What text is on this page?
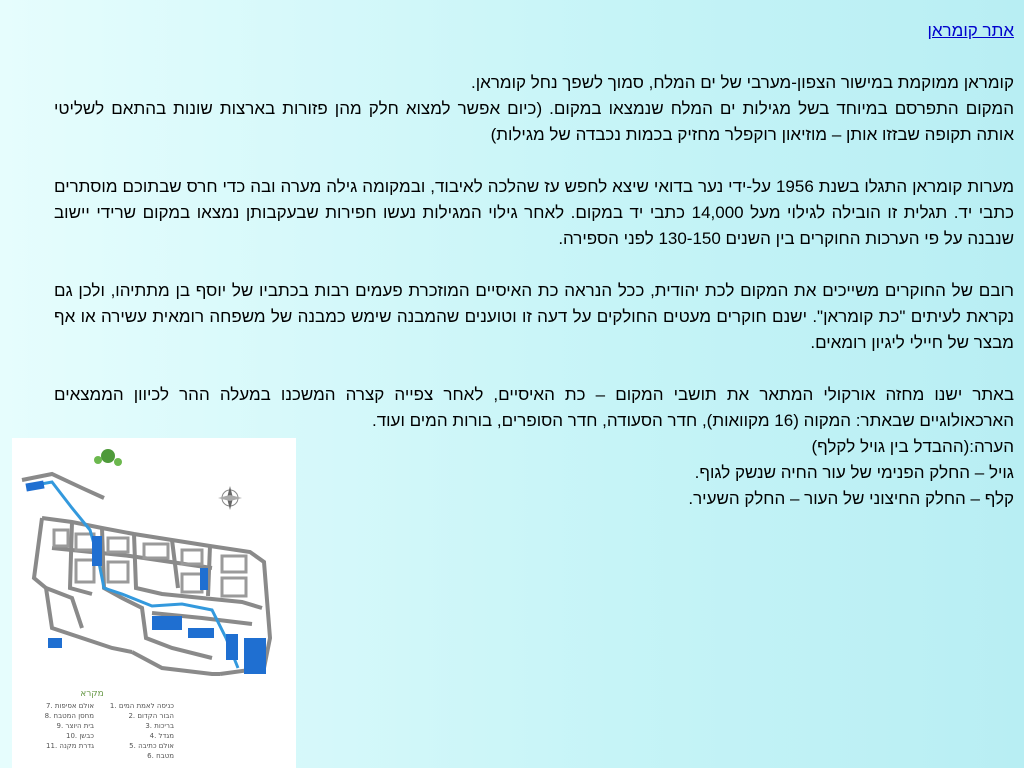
מקרא
1. כניסה לאמת המים
2. הבור הקדום
3. בריכות
4. מגדל
5. אולם כתיבה
6. מטבח
7. אולם אסיפות
8. מחסן המטבח
9. בית היוצר
10. כבשן
11. גדרת מקנה
אתר קומראן
קומראן ממוקמת במישור הצפון-מערבי של ים המלח, סמוך לשפך נחל קומראן.
המקום התפרסם במיוחד בשל מגילות ים המלח שנמצאו במקום. (כיום אפשר למצוא חלק מהן פזורות בארצות שונות בהתאם לשליטי אותה תקופה שבזזו אותן – מוזיאון רוקפלר מחזיק בכמות נכבדה של מגילות)
מערות קומראן התגלו בשנת 1956 על-ידי נער בדואי שיצא לחפש עז שהלכה לאיבוד, ובמקומה גילה מערה ובה כדי חרס שבתוכם מוסתרים כתבי יד. תגלית זו הובילה לגילוי מעל 14,000 כתבי יד במקום. לאחר גילוי המגילות נעשו חפירות שבעקבותן נמצאו במקום שרידי יישוב שנבנה על פי הערכות החוקרים בין השנים 130-150 לפני הספירה.
רובם של החוקרים משייכים את המקום לכת יהודית, ככל הנראה כת האיסיים המוזכרת פעמים רבות בכתביו של יוסף בן מתתיהו, ולכן גם נקראת לעיתים "כת קומראן". ישנם חוקרים מעטים החולקים על דעה זו וטוענים שהמבנה שימש כמבנה של משפחה רומאית עשירה או אף מבצר של חיילי ליגיון רומאים.
באתר ישנו מחזה אורקולי המתאר את תושבי המקום – כת האיסיים, לאחר צפייה קצרה המשכנו במעלה ההר לכיוון הממצאים הארכאולוגיים שבאתר: המקוה (16 מקוואות), חדר הסעודה, חדר הסופרים, בורות המים ועוד.
הערה:(ההבדל בין גויל לקלף)
גויל – החלק הפנימי של עור החיה שנשק לגוף.
קלף – החלק החיצוני של העור – החלק השעיר.
